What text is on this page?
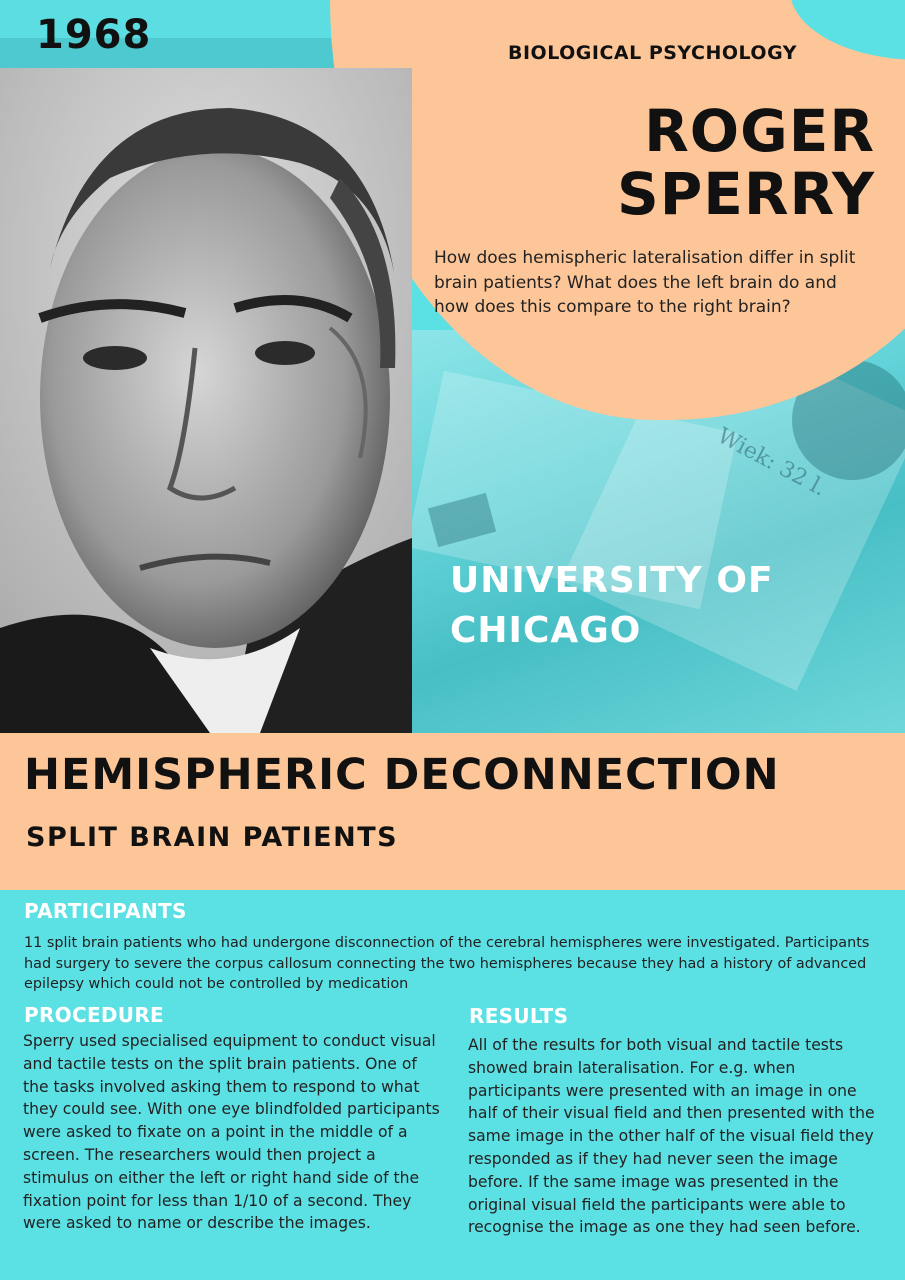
Wiek: 32 l.
1968	BIOLOGICAL PSYCHOLOGY
ROGER
SPERRY
How does hemispheric lateralisation differ in split brain patients? What does the left brain do and how does this compare to the right brain?
UNIVERSITY OF
CHICAGO
HEMISPHERIC DECONNECTION
SPLIT BRAIN PATIENTS
PARTICIPANTS
11 split brain patients who had undergone disconnection of the cerebral hemispheres were investigated. Participants had surgery to severe the corpus callosum connecting the two hemispheres because they had a history of advanced epilepsy which could not be controlled by medication
PROCEDURE
Sperry used specialised equipment to conduct visual and tactile tests on the split brain patients. One of the tasks involved asking them to respond to what they could see. With one eye blindfolded participants were asked to fixate on a point in the middle of a screen. The researchers would then project a stimulus on either the left or right hand side of the fixation point for less than 1/10 of a second. They were asked to name or describe the images.
RESULTS
All of the results for both visual and tactile tests showed brain lateralisation. For e.g. when participants were presented with an image in one half of their visual field and then presented with the same image in the other half of the visual field they responded as if they had never seen the image before. If the same image was presented in the original visual field the participants were able to recognise the image as one they had seen before.
